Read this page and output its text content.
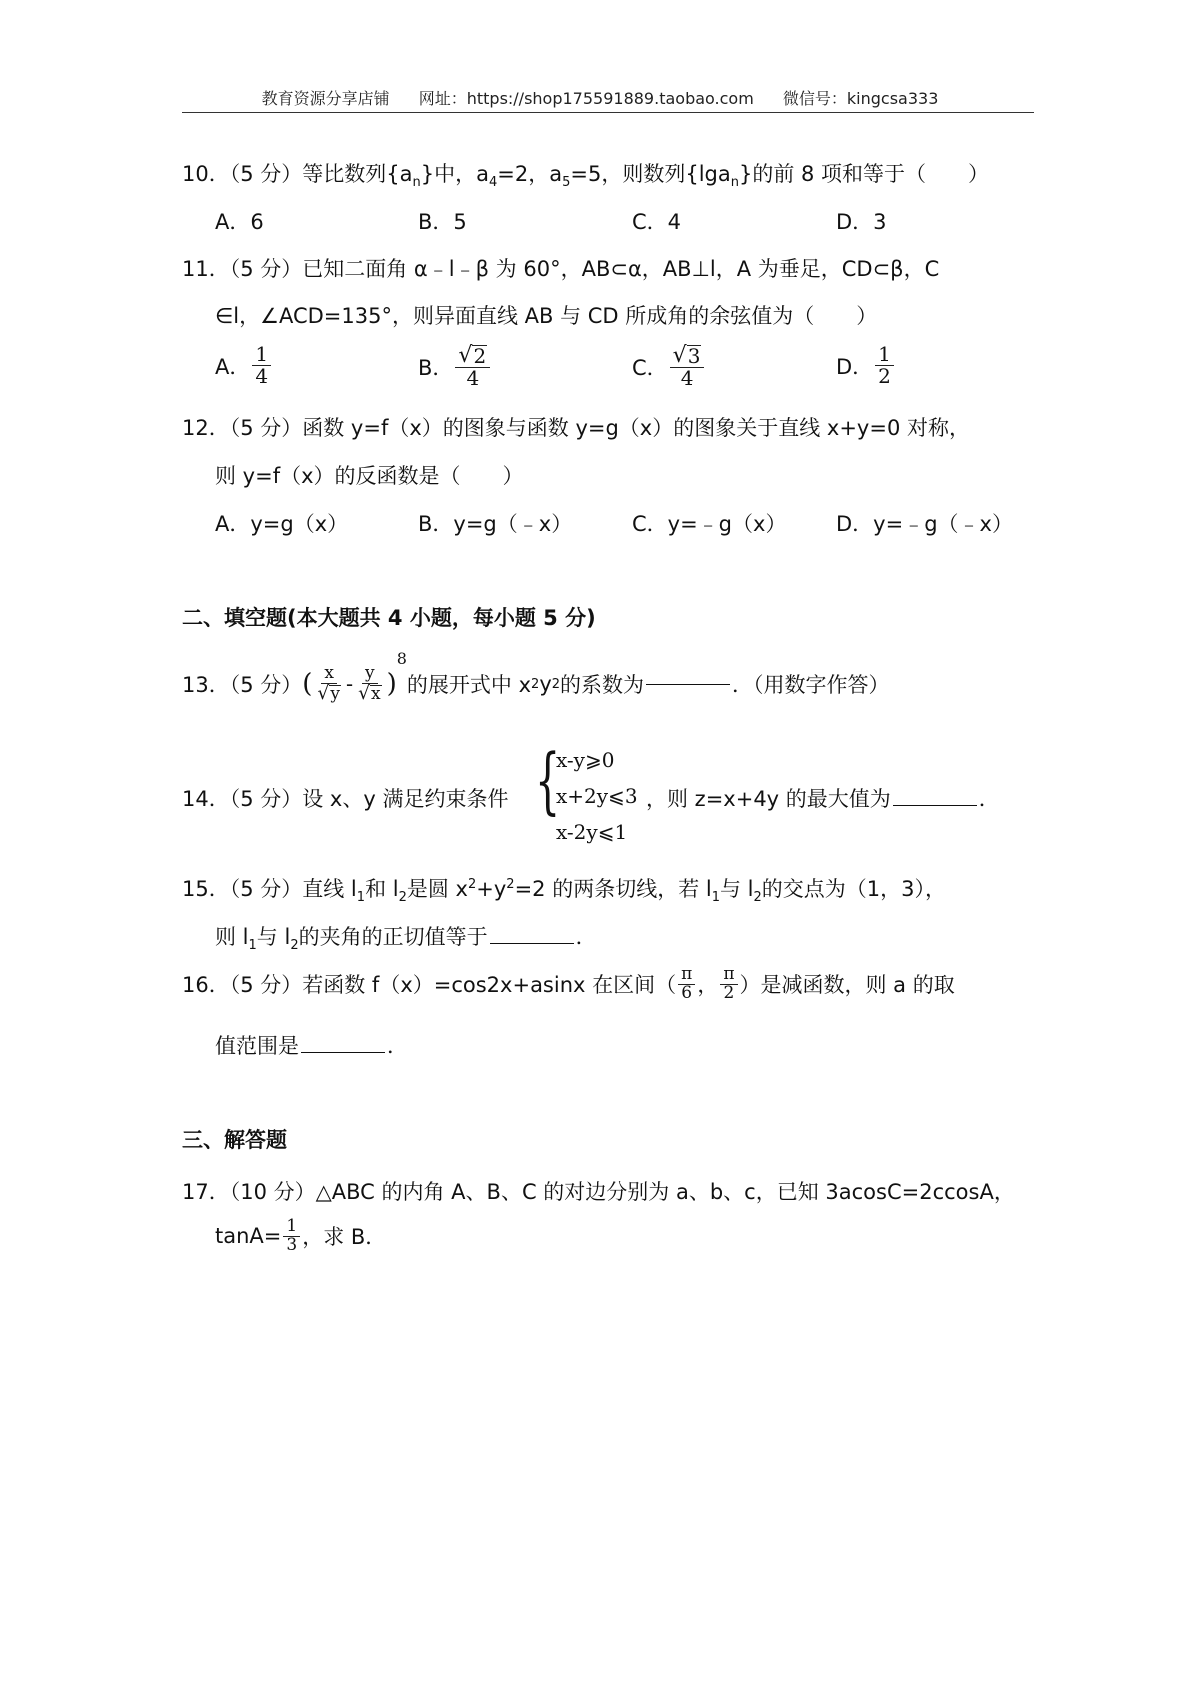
教育资源分享店铺 网址：https://shop175591889.taobao.com 微信号：kingcsa333
10．（5 分）等比数列$\{a_n\}$中，$a_4=2$，$a_5=5$，则数列{lga$_n$}的前 8 项和等于（　　）
A．6	B．5	C．4	D．3
11．（5 分）已知二面角 α﹣l﹣β 为 60°，AB⊂α，AB⊥l，A 为垂足，CD⊂β，C
∈l，∠ACD=135°，则异面直线 AB 与 CD 所成角的余弦值为（　　）
A． $\frac{1}{4}$	B． $\frac{√ 2}{4}$	C． $\frac{√ 3}{4}$	D． $\frac{1}{2}$
12．（5 分）函数 y=f（x）的图象与函数 y=g（x）的图象关于直线 x+y=0 对称，
则 y=f（x）的反函数是（　　）
A．y=g（x）	B．y=g（﹣x）	C．y=﹣g（x） D．y=﹣g（﹣x）
二、填空题(本大题共 4 小题，每小题 5 分)
13．（5 分） ( $\frac{x}{√ y} - \frac{y}{√ x}$ )
8
的展开式中 x 2 y 2 的系数为	．（用数字作答）
14．（5 分）设 x、y 满足约束条件 {
x-y⩾0
x+2y⩽3
x-2y⩽1
，则 z=x+4y 的最大值为	．
15．（5 分）直线 $l_1$和 $l_2$是圆 $x^2+y^2=2$ 的两条切线，若 $l_1$与 $l_2$的交点为（1，3），
则 $l_1$与 $l_2$的夹角的正切值等于	．
16．（5 分）若函数 f（x）=cos2x+asinx 在区间（ $\frac{\pi}{6}$ ， $\frac{\pi}{2}$ ）是减函数，则 a 的取
值范围是	．
三、解答题
17．（10 分）△ABC 的内角 A、B、C 的对边分别为 a、b、c，已知 3acosC=2ccosA，
$\tan A= \frac{1}{3}$ ，求 B．
